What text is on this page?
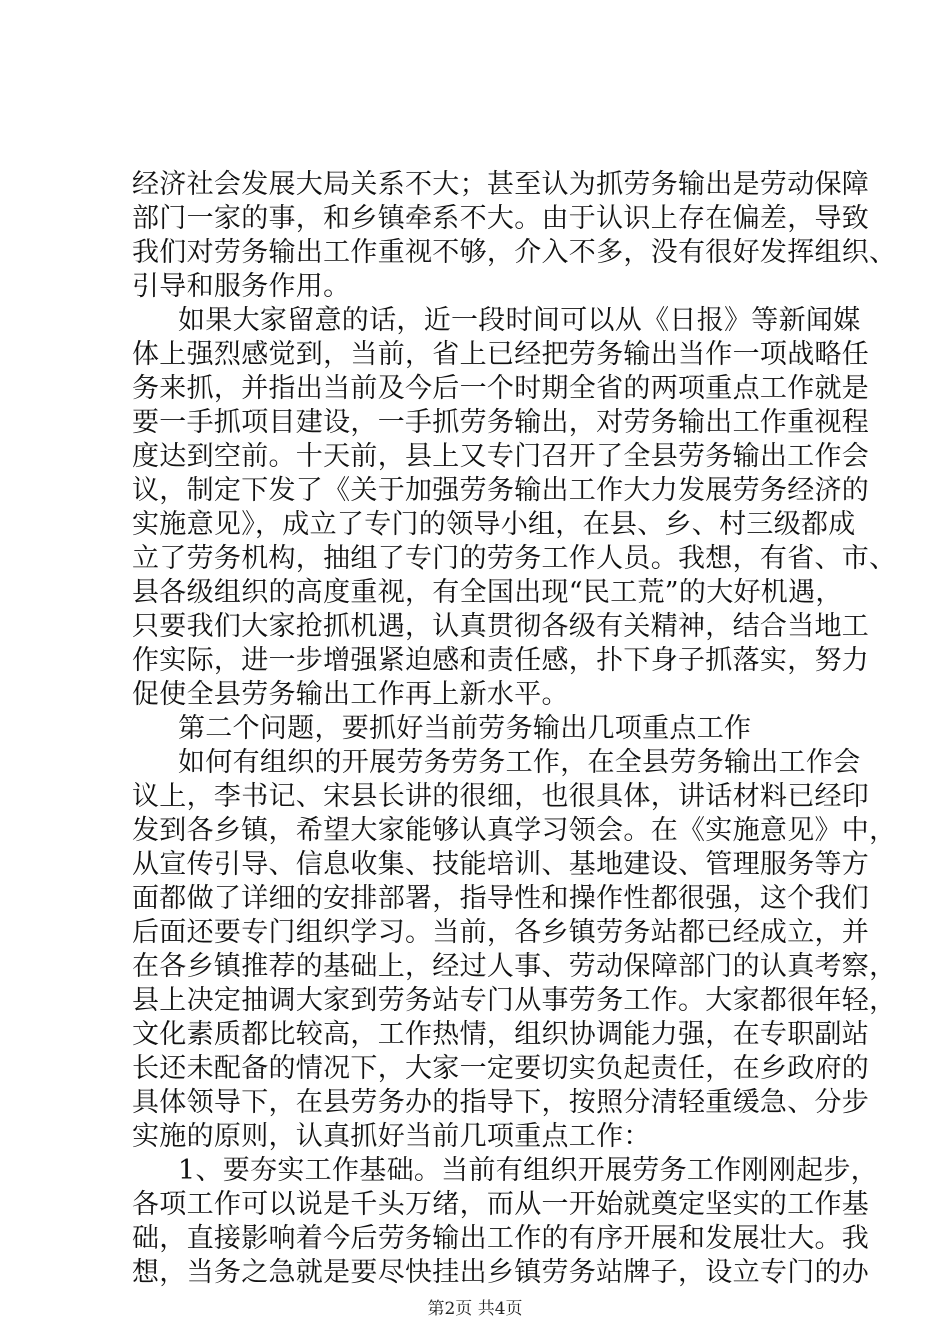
经济社会发展大局关系不大；甚至认为抓劳务输出是劳动保障
部门一家的事，和乡镇牵系不大。由于认识上存在偏差，导致
我们对劳务输出工作重视不够，介入不多，没有很好发挥组织、
引导和服务作用。
如果大家留意的话，近一段时间可以从《日报》等新闻媒
体上强烈感觉到，当前，省上已经把劳务输出当作一项战略任
务来抓，并指出当前及今后一个时期全省的两项重点工作就是
要一手抓项目建设，一手抓劳务输出，对劳务输出工作重视程
度达到空前。十天前，县上又专门召开了全县劳务输出工作会
议，制定下发了《关于加强劳务输出工作大力发展劳务经济的
实施意见》，成立了专门的领导小组，在县、乡、村三级都成
立了劳务机构，抽组了专门的劳务工作人员。我想，有省、市、
县各级组织的高度重视，有全国出现“民工荒”的大好机遇，
只要我们大家抢抓机遇，认真贯彻各级有关精神，结合当地工
作实际，进一步增强紧迫感和责任感，扑下身子抓落实，努力
促使全县劳务输出工作再上新水平。
第二个问题，要抓好当前劳务输出几项重点工作
如何有组织的开展劳务劳务工作，在全县劳务输出工作会
议上，李书记、宋县长讲的很细，也很具体，讲话材料已经印
发到各乡镇，希望大家能够认真学习领会。在《实施意见》中，
从宣传引导、信息收集、技能培训、基地建设、管理服务等方
面都做了详细的安排部署，指导性和操作性都很强，这个我们
后面还要专门组织学习。当前，各乡镇劳务站都已经成立，并
在各乡镇推荐的基础上，经过人事、劳动保障部门的认真考察，
县上决定抽调大家到劳务站专门从事劳务工作。大家都很年轻，
文化素质都比较高，工作热情，组织协调能力强，在专职副站
长还未配备的情况下，大家一定要切实负起责任，在乡政府的
具体领导下，在县劳务办的指导下，按照分清轻重缓急、分步
实施的原则，认真抓好当前几项重点工作：
1、要夯实工作基础。当前有组织开展劳务工作刚刚起步，
各项工作可以说是千头万绪，而从一开始就奠定坚实的工作基
础，直接影响着今后劳务输出工作的有序开展和发展壮大。我
想，当务之急就是要尽快挂出乡镇劳务站牌子，设立专门的办
第2页 共4页
